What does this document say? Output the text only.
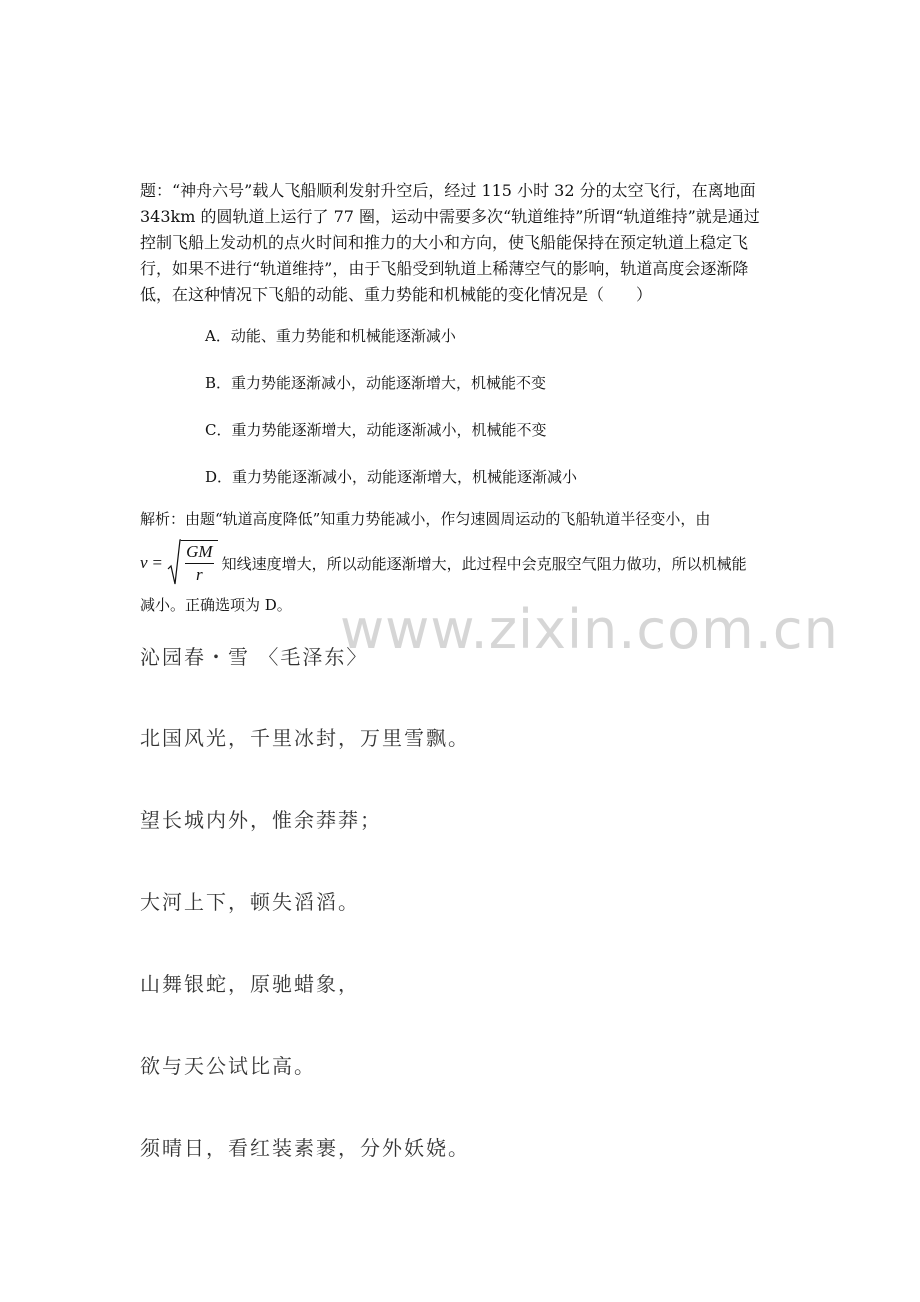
题：“神舟六号”载人飞船顺利发射升空后，经过 115 小时 32 分的太空飞行，在离地面

343km 的圆轨道上运行了 77 圈，运动中需要多次“轨道维持”所谓“轨道维持”就是通过

控制飞船上发动机的点火时间和推力的大小和方向，使飞船能保持在预定轨道上稳定飞

行，如果不进行“轨道维持”，由于飞船受到轨道上稀薄空气的影响，轨道高度会逐渐降

低，在这种情况下飞船的动能、重力势能和机械能的变化情况是（　　）

A．动能、重力势能和机械能逐渐减小
B．重力势能逐渐减小，动能逐渐增大，机械能不变
C．重力势能逐渐增大，动能逐渐减小，机械能不变
D．重力势能逐渐减小，动能逐渐增大，机械能逐渐减小
解析：由题“轨道高度降低”知重力势能减小，作匀速圆周运动的飞船轨道半径变小，由
$v = \frac{GM}{r}$ 知线速度增大，所以动能逐渐增大，此过程中会克服空气阻力做功，所以机械能
减小。正确选项为 D。 www.zixin.com.cn
沁园春・雪 〈毛泽东〉
北国风光，千里冰封，万里雪飘。
望长城内外，惟余莽莽；
大河上下，顿失滔滔。
山舞银蛇，原驰蜡象，
欲与天公试比高。
须晴日，看红装素裹，分外妖娆。
